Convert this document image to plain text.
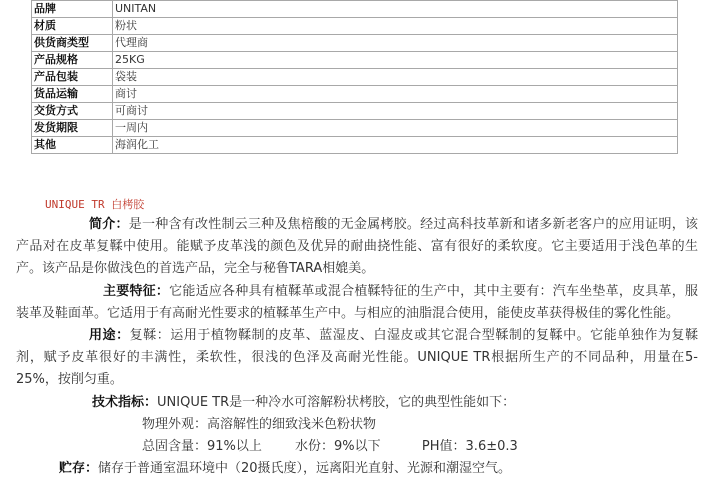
品牌	UNITAN
材质	粉状
供货商类型	代理商
产品规格	25KG
产品包装	袋装
货品运输	商讨
交货方式	可商讨
发货期限	一周内
其他	海润化工
UNIQUE TR 白栲胶

简介：是一种含有改性制云三种及焦棓酸的无金属栲胶。经过高科技革新和诸多新老客户的应用证明，该产品对在皮革复鞣中使用。能赋予皮革浅的颜色及优异的耐曲挠性能、富有很好的柔软度。它主要适用于浅色革的生产。该产品是你做浅色的首选产品，完全与秘鲁TARA相媲美。

主要特征：它能适应各种具有植鞣革或混合植鞣特征的生产中，其中主要有：汽车坐垫革，皮具革，服装革及鞋面革。它适用于有高耐光性要求的植鞣革生产中。与相应的油脂混合使用，能使皮革获得极佳的雾化性能。

用途：复鞣：运用于植物鞣制的皮革、蓝湿皮、白湿皮或其它混合型鞣制的复鞣中。它能单独作为复鞣剂，赋予皮革很好的丰满性，柔软性，很浅的色泽及高耐光性能。UNIQUE TR根据所生产的不同品种，用量在5-25%，按削匀重。

技术指标：UNIQUE TR是一种冷水可溶解粉状栲胶，它的典型性能如下：

物理外观：高溶解性的细致浅米色粉状物

总固含量：91%以上	水份：9%以下	PH值：3.6±0.3

贮存：储存于普通室温环境中（20摄氏度），远离阳光直射、光源和潮湿空气。
